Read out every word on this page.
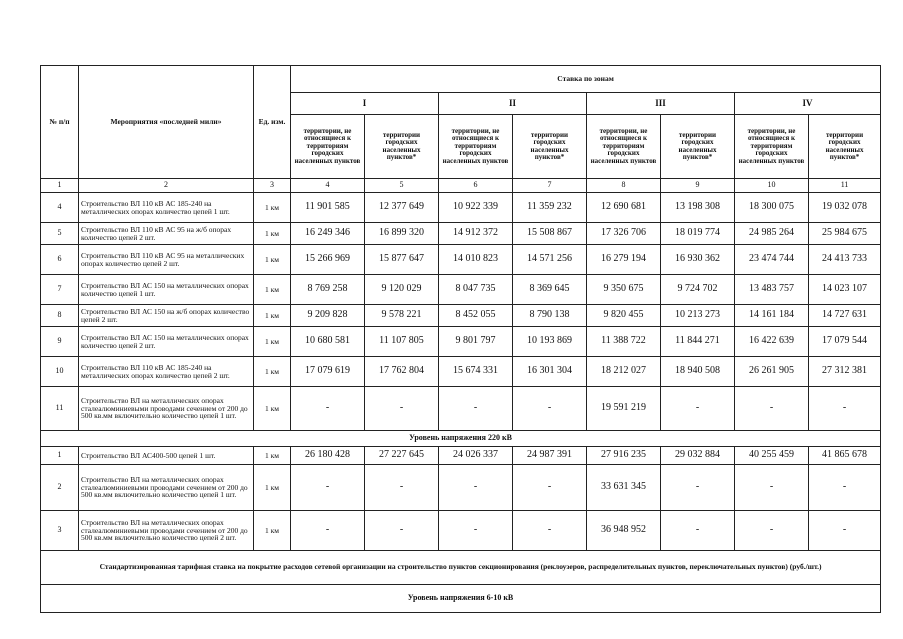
№ п/п	Мероприятия «последней мили»	Ед. изм.	Ставка по зонам							
			I		II		III		IV	
			территории, не относящиеся к территориям городских населенных пунктов	территории городских населенных пунктов*	территории, не относящиеся к территориям городских населенных пунктов	территории городских населенных пунктов*	территории, не относящиеся к территориям городских населенных пунктов	территории городских населенных пунктов*	территории, не относящиеся к территориям городских населенных пунктов	территории городских населенных пунктов*
1	2	3	4	5	6	7	8	9	10	11
4	Строительство ВЛ 110 кВ АС 185-240 на металлических опорах количество цепей 1 шт.	1 км	11 901 585	12 377 649	10 922 339	11 359 232	12 690 681	13 198 308	18 300 075	19 032 078
5	Строительство ВЛ 110 кВ АС 95 на ж/б опорах количество цепей 2 шт.	1 км	16 249 346	16 899 320	14 912 372	15 508 867	17 326 706	18 019 774	24 985 264	25 984 675
6	Строительство ВЛ 110 кВ АС 95 на металлических опорах количество цепей 2 шт.	1 км	15 266 969	15 877 647	14 010 823	14 571 256	16 279 194	16 930 362	23 474 744	24 413 733
7	Строительство ВЛ АС 150 на металлических опорах количество цепей 1 шт.	1 км	8 769 258	9 120 029	8 047 735	8 369 645	9 350 675	9 724 702	13 483 757	14 023 107
8	Строительство ВЛ АС 150 на ж/б опорах количество цепей 2 шт.	1 км	9 209 828	9 578 221	8 452 055	8 790 138	9 820 455	10 213 273	14 161 184	14 727 631
9	Строительство ВЛ АС 150 на металлических опорах количество цепей 2 шт.	1 км	10 680 581	11 107 805	9 801 797	10 193 869	11 388 722	11 844 271	16 422 639	17 079 544
10	Строительство ВЛ 110 кВ АС 185-240 на металлических опорах количество цепей 2 шт.	1 км	17 079 619	17 762 804	15 674 331	16 301 304	18 212 027	18 940 508	26 261 905	27 312 381
11	Строительство ВЛ на металлических опорах сталеалюминиевыми проводами сечением от 200 до 500 кв.мм включительно количество цепей 1 шт.	1 км	-	-	-	-	19 591 219	-	-	-
Уровень напряжения 220 кВ										
1	Строительство ВЛ АС400-500 цепей 1 шт.	1 км	26 180 428	27 227 645	24 026 337	24 987 391	27 916 235	29 032 884	40 255 459	41 865 678
2	Строительство ВЛ на металлических опорах сталеалюминиевыми проводами сечением от 200 до 500 кв.мм включительно количество цепей 1 шт.	1 км	-	-	-	-	33 631 345	-	-	-
3	Строительство ВЛ на металлических опорах сталеалюминиевыми проводами сечением от 200 до 500 кв.мм включительно количество цепей 2 шт.	1 км	-	-	-	-	36 948 952	-	-	-
Стандартизированная тарифная ставка на покрытие расходов сетевой организации на строительство пунктов секционирования (реклоузеров, распределительных пунктов, переключательных пунктов) (руб./шт.)										
Уровень напряжения 6-10 кВ										
